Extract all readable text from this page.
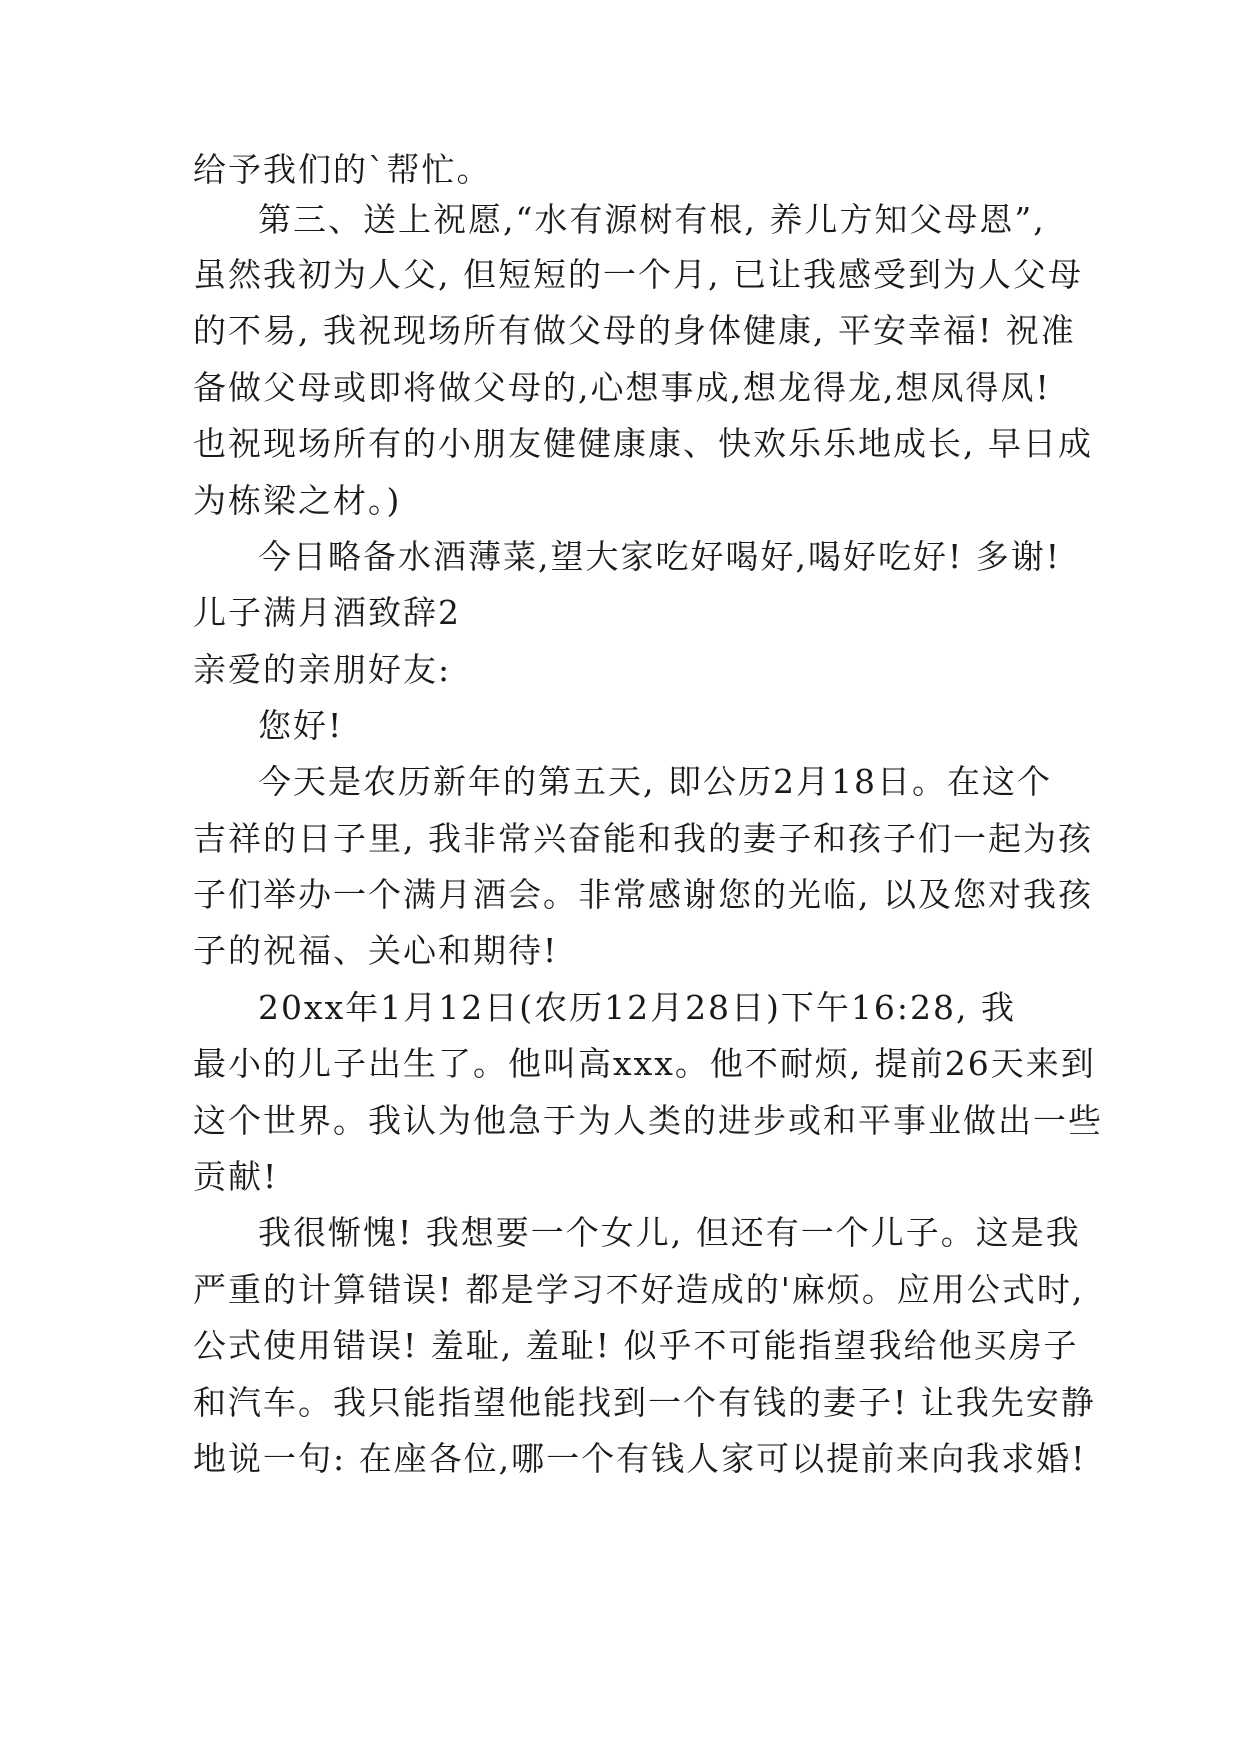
给予我们的`帮忙。
第三、送上祝愿,“水有源树有根, 养儿方知父母恩”,
虽然我初为人父, 但短短的一个月, 已让我感受到为人父母
的不易, 我祝现场所有做父母的身体健康, 平安幸福! 祝准
备做父母或即将做父母的,心想事成,想龙得龙,想凤得凤!
也祝现场所有的小朋友健健康康、快欢乐乐地成长, 早日成
为栋梁之材。)
今日略备水酒薄菜,望大家吃好喝好,喝好吃好! 多谢!
儿子满月酒致辞2
亲爱的亲朋好友:
您好!
今天是农历新年的第五天, 即公历2月18日。在这个
吉祥的日子里, 我非常兴奋能和我的妻子和孩子们一起为孩
子们举办一个满月酒会。非常感谢您的光临, 以及您对我孩
子的祝福、关心和期待!
20xx年1月12日(农历12月28日)下午16:28, 我
最小的儿子出生了。他叫高xxx。他不耐烦, 提前26天来到
这个世界。我认为他急于为人类的进步或和平事业做出一些
贡献!
我很惭愧! 我想要一个女儿, 但还有一个儿子。这是我
严重的计算错误! 都是学习不好造成的'麻烦。应用公式时,
公式使用错误! 羞耻, 羞耻! 似乎不可能指望我给他买房子
和汽车。我只能指望他能找到一个有钱的妻子! 让我先安静
地说一句: 在座各位,哪一个有钱人家可以提前来向我求婚!
